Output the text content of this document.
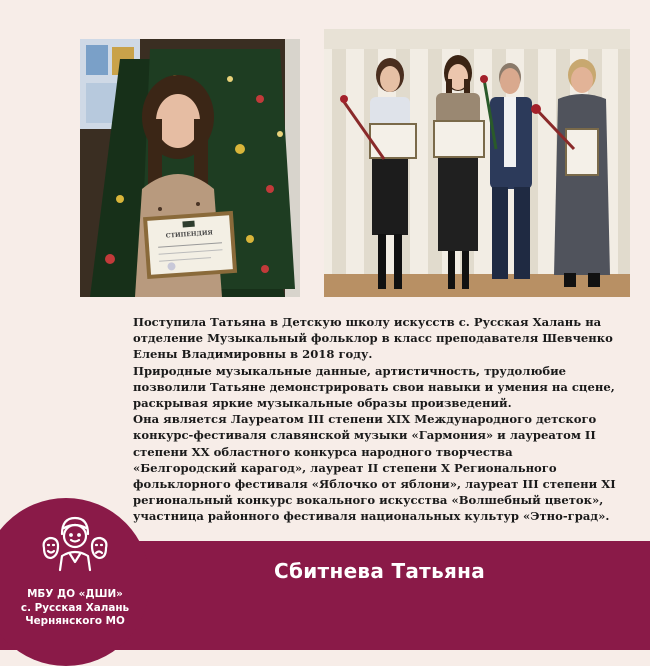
СТИПЕНДИЯ

Поступила Татьяна в Детскую школу искусств с. Русская Халань на

отделение Музыкальный фольклор в класс преподавателя Шевченко

Елены Владимировны в 2018 году.

Природные музыкальные данные, артистичность, трудолюбие

позволили Татьяне демонстрировать свои навыки и умения на сцене,

раскрывая яркие музыкальные образы произведений.

Она является Лауреатом III степени XIX Международного детского

конкурс-фестиваля славянской музыки «Гармония» и лауреатом II

степени XX областного конкурса народного творчества

«Белгородский карагод», лауреат II степени X Регионального

фольклорного фестиваля «Яблочко от яблони», лауреат III степени XI

региональный конкурс вокального искусства «Волшебный цветок»,

участница районного фестиваля национальных культур «Этно-град».

Сбитнева Татьяна
МБУ ДО «ДШИ»
с. Русская Халань
Чернянского МО
